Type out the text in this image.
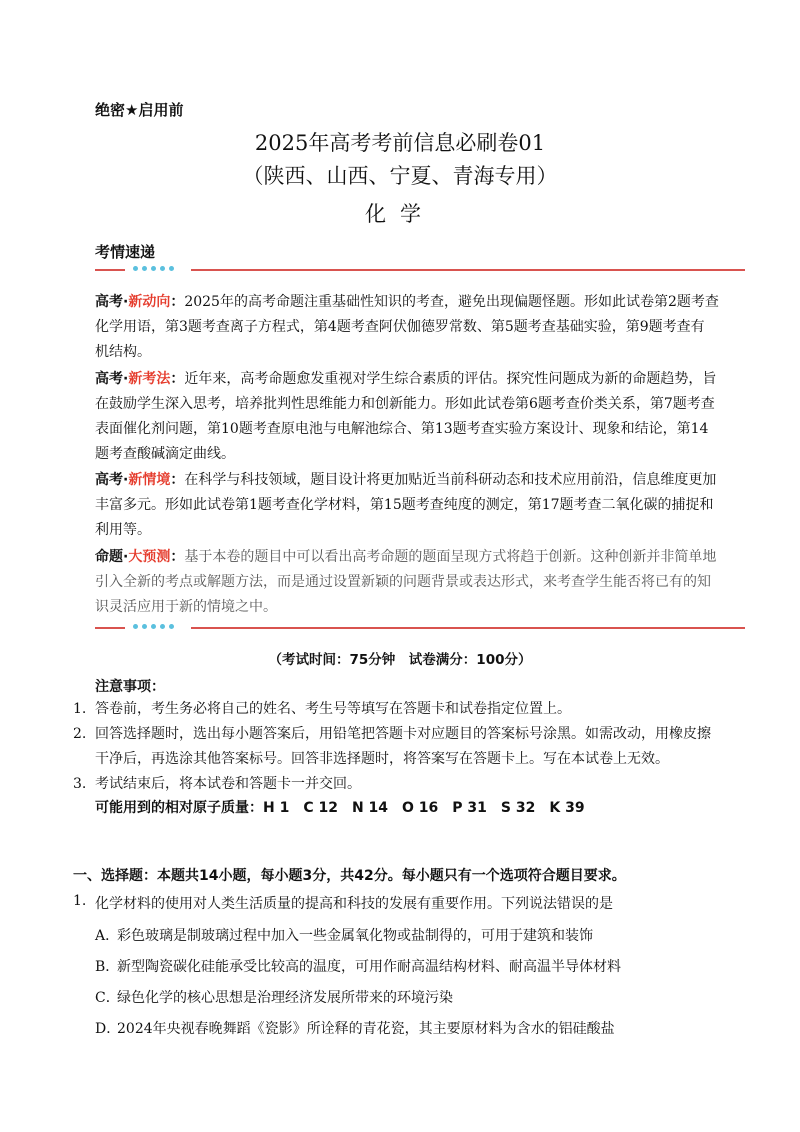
绝密★启用前
2025年高考考前信息必刷卷01
（陕西、山西、宁夏、青海专用）
化学
考情速递
高考·新动向：2025年的高考命题注重基础性知识的考查，避免出现偏题怪题。形如此试卷第2题考查
化学用语，第3题考查离子方程式，第4题考查阿伏伽德罗常数、第5题考查基础实验，第9题考查有
机结构。
高考·新考法：近年来，高考命题愈发重视对学生综合素质的评估。探究性问题成为新的命题趋势，旨
在鼓励学生深入思考，培养批判性思维能力和创新能力。形如此试卷第6题考查价类关系，第7题考查
表面催化剂问题，第10题考查原电池与电解池综合、第13题考查实验方案设计、现象和结论，第14
题考查酸碱滴定曲线。
高考·新情境：在科学与科技领域，题目设计将更加贴近当前科研动态和技术应用前沿，信息维度更加
丰富多元。形如此试卷第1题考查化学材料，第15题考查纯度的测定，第17题考查二氧化碳的捕捉和
利用等。
命题·大预测：基于本卷的题目中可以看出高考命题的题面呈现方式将趋于创新。这种创新并非简单地
引入全新的考点或解题方法，而是通过设置新颖的问题背景或表达形式，来考查学生能否将已有的知
识灵活应用于新的情境之中。
（考试时间：75分钟　试卷满分：100分）
注意事项：
1. 答卷前，考生务必将自己的姓名、考生号等填写在答题卡和试卷指定位置上。
2. 回答选择题时，选出每小题答案后，用铅笔把答题卡对应题目的答案标号涂黑。如需改动，用橡皮擦
干净后，再选涂其他答案标号。回答非选择题时，将答案写在答题卡上。写在本试卷上无效。
3. 考试结束后，将本试卷和答题卡一并交回。
可能用到的相对原子质量：H 1　C 12　N 14　O 16　P 31　S 32　K 39
一、选择题：本题共14小题，每小题3分，共42分。每小题只有一个选项符合题目要求。
1. 化学材料的使用对人类生活质量的提高和科技的发展有重要作用。下列说法错误的是
A．彩色玻璃是制玻璃过程中加入一些金属氧化物或盐制得的，可用于建筑和装饰
B．新型陶瓷碳化硅能承受比较高的温度，可用作耐高温结构材料、耐高温半导体材料
C．绿色化学的核心思想是治理经济发展所带来的环境污染
D．2024年央视春晚舞蹈《瓷影》所诠释的青花瓷，其主要原材料为含水的铝硅酸盐
